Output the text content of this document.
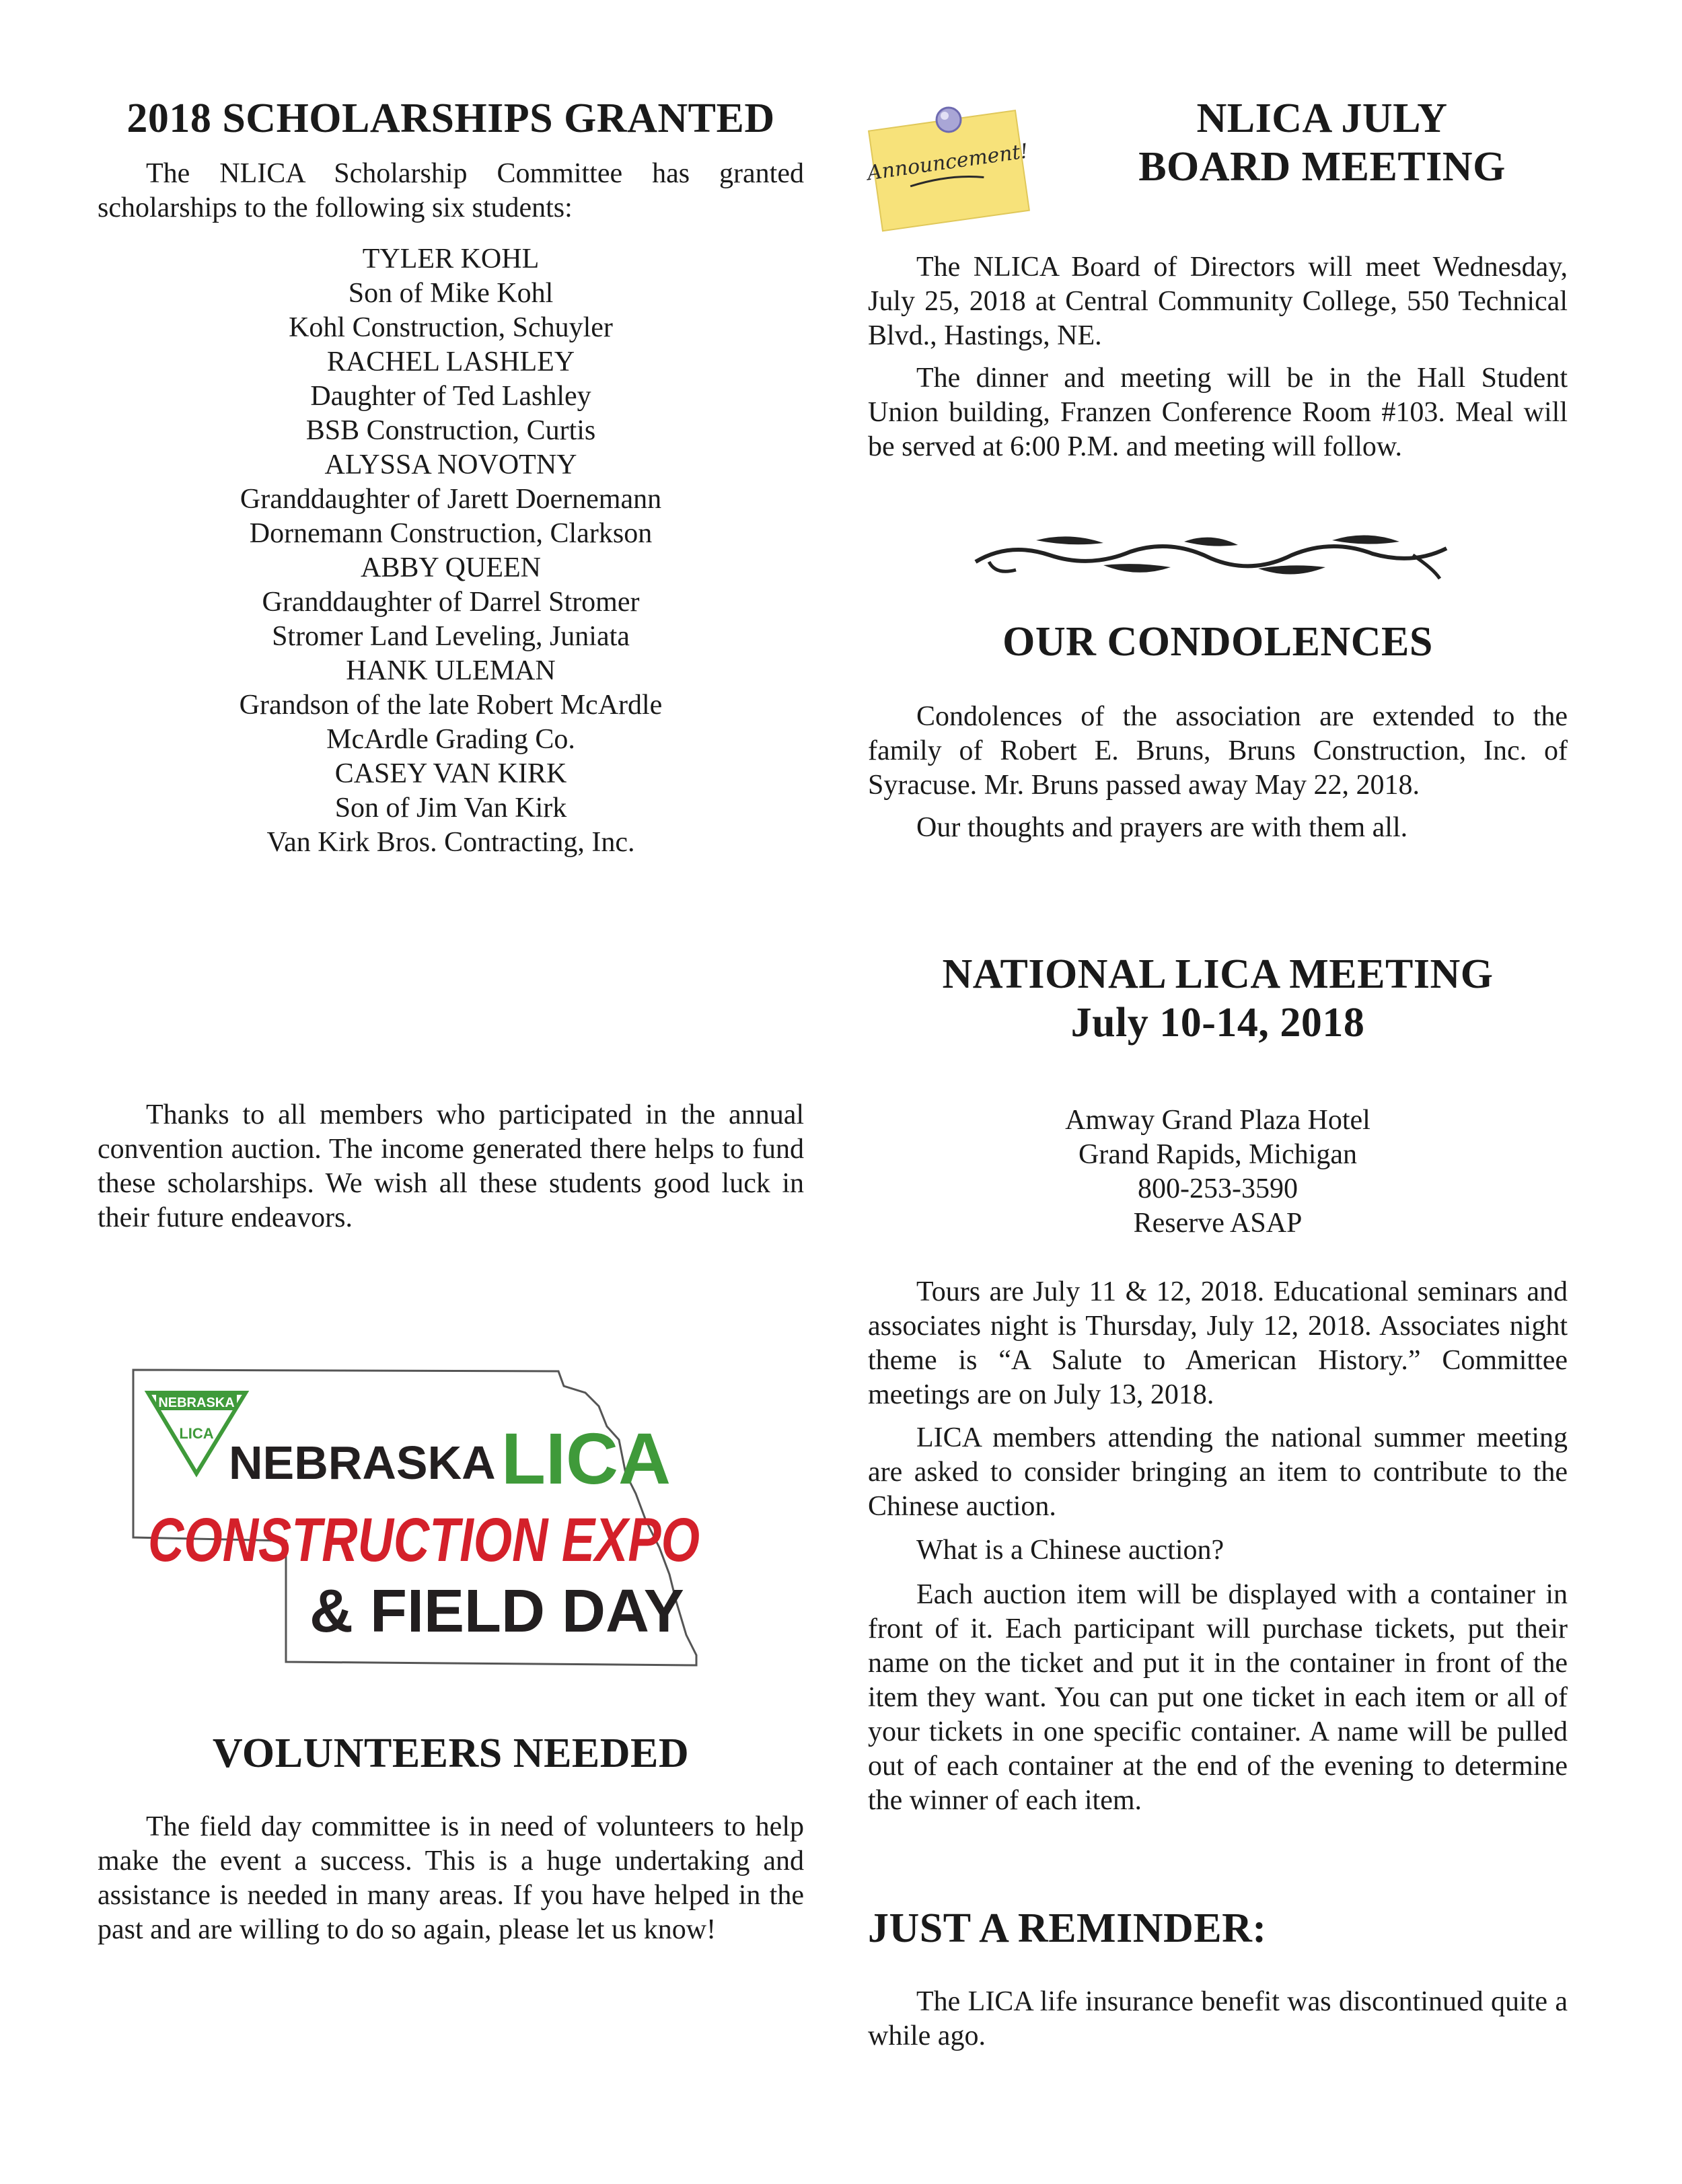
2018 SCHOLARSHIPS GRANTED

The NLICA Scholarship Committee has granted scholarships to the following six students:

TYLER KOHL
Son of Mike Kohl
Kohl Construction, Schuyler
RACHEL LASHLEY
Daughter of Ted Lashley
BSB Construction, Curtis
ALYSSA NOVOTNY
Granddaughter of Jarett Doernemann
Dornemann Construction, Clarkson
ABBY QUEEN
Granddaughter of Darrel Stromer
Stromer Land Leveling, Juniata
HANK ULEMAN
Grandson of the late Robert McArdle
McArdle Grading Co.
CASEY VAN KIRK
Son of Jim Van Kirk
Van Kirk Bros. Contracting, Inc.

Thanks to all members who participated in the annual convention auction. The income generated there helps to fund these scholarships. We wish all these students good luck in their future endeavors.

VOLUNTEERS NEEDED

The field day committee is in need of volunteers to help make the event a success. This is a huge undertaking and assistance is needed in many areas. If you have helped in the past and are willing to do so again, please let us know!

NEBRASKA
LICA
NEBRASKA LICA
CONSTRUCTION EXPO
& FIELD DAY
Announcement!
NLICA JULY
BOARD MEETING

The NLICA Board of Directors will meet Wednesday, July 25, 2018 at Central Community College, 550 Technical Blvd., Hastings, NE.

The dinner and meeting will be in the Hall Student Union building, Franzen Conference Room #103. Meal will be served at 6:00 P.M. and meeting will follow.

OUR CONDOLENCES

Condolences of the association are extended to the family of Robert E. Bruns, Bruns Construction, Inc. of Syracuse. Mr. Bruns passed away May 22, 2018.

Our thoughts and prayers are with them all.

NATIONAL LICA MEETING
July 10-14, 2018
Amway Grand Plaza Hotel
Grand Rapids, Michigan
800-253-3590
Reserve ASAP

Tours are July 11 & 12, 2018. Educational seminars and associates night is Thursday, July 12, 2018. Associates night theme is “A Salute to American History.” Committee meetings are on July 13, 2018.

LICA members attending the national summer meeting are asked to consider bringing an item to contribute to the Chinese auction.

What is a Chinese auction?

Each auction item will be displayed with a container in front of it. Each participant will purchase tickets, put their name on the ticket and put it in the container in front of the item they want. You can put one ticket in each item or all of your tickets in one specific container. A name will be pulled out of each container at the end of the evening to determine the winner of each item.

JUST A REMINDER:

The LICA life insurance benefit was discontinued quite a while ago.
